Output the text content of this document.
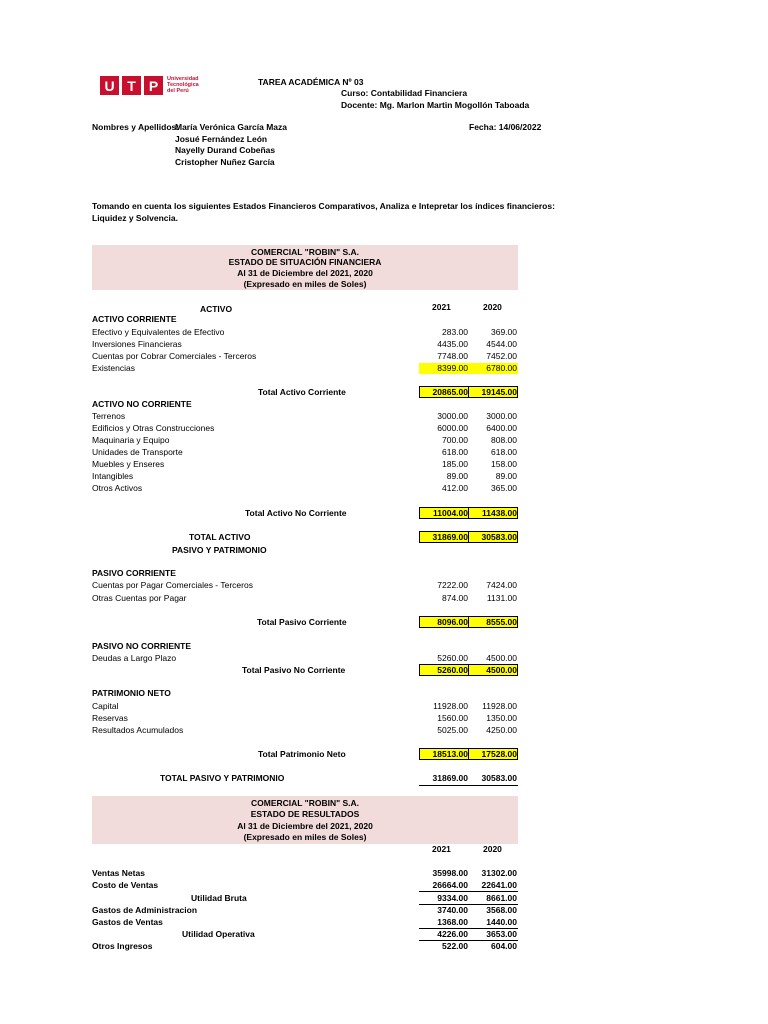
U T P	Universidad
Tecnológica
del Perú
TAREA ACADÉMICA Nº 03
Curso: Contabilidad Financiera
Docente: Mg. Marlon Martin Mogollón Taboada
Nombres y Apellidos:
María Verónica García Maza
Josué Fernández León
Nayelly Durand Cobeñas
Cristopher Nuñez García
Fecha: 14/06/2022
Tomando en cuenta los siguientes Estados Financieros Comparativos, Analiza e Intepretar los índices financieros:
Liquidez y Solvencia.
COMERCIAL "ROBIN" S.A.
ESTADO DE SITUACIÓN FINANCIERA
Al 31 de Diciembre del 2021, 2020
(Expresado en miles de Soles)
ACTIVO	2021	2020
ACTIVO CORRIENTE
Efectivo y Equivalentes de Efectivo	283.00	369.00
Inversiones Financieras	4435.00	4544.00
Cuentas por Cobrar Comerciales - Terceros	7748.00	7452.00
Existencias	8399.00	6780.00
Total Activo Corriente	20865.00	19145.00
ACTIVO NO CORRIENTE
Terrenos	3000.00	3000.00
Edificios y Otras Construcciones	6000.00	6400.00
Maquinaria y Equipo	700.00	808.00
Unidades de Transporte	618.00	618.00
Muebles y Enseres	185.00	158.00
Intangibles	89.00	89.00
Otros Activos	412.00	365.00
Total Activo No Corriente	11004.00	11438.00
TOTAL ACTIVO	31869.00	30583.00
PASIVO Y PATRIMONIO
PASIVO CORRIENTE
Cuentas por Pagar Comerciales - Terceros	7222.00	7424.00
Otras Cuentas por Pagar	874.00	1131.00
Total Pasivo Corriente	8096.00	8555.00
PASIVO NO CORRIENTE
Deudas a Largo Plazo	5260.00	4500.00
Total Pasivo No Corriente	5260.00	4500.00
PATRIMONIO NETO
Capital	11928.00	11928.00
Reservas	1560.00	1350.00
Resultados Acumulados	5025.00	4250.00
Total Patrimonio Neto	18513.00	17528.00
TOTAL PASIVO Y PATRIMONIO	31869.00	30583.00
COMERCIAL "ROBIN" S.A.
ESTADO DE RESULTADOS
Al 31 de Diciembre del 2021, 2020
(Expresado en miles de Soles)
2021	2020
Ventas Netas	35998.00	31302.00
Costo de Ventas	26664.00	22641.00
Utilidad Bruta	9334.00	8661.00
Gastos de Administracion	3740.00	3568.00
Gastos de Ventas	1368.00	1440.00
Utilidad Operativa	4226.00	3653.00
Otros Ingresos	522.00	604.00
